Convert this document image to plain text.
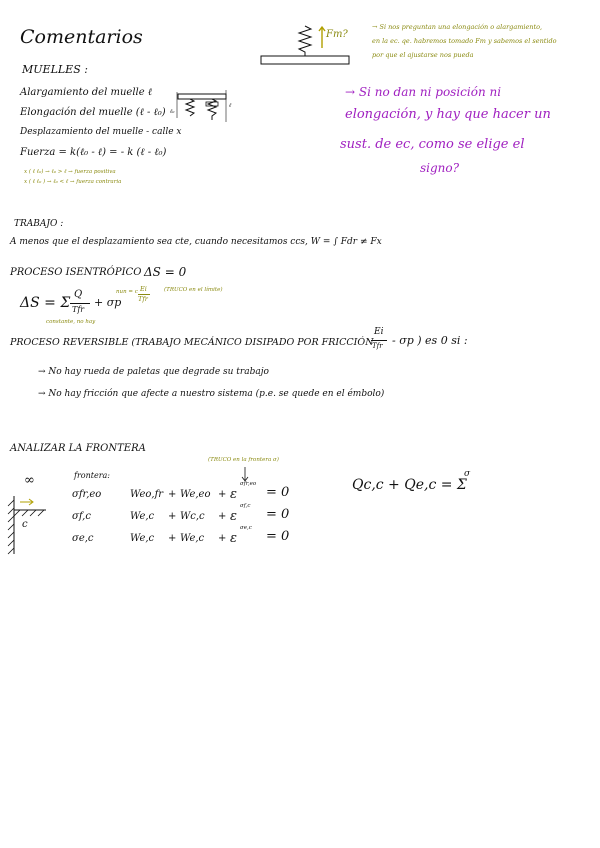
Comentarios	Fm?
→ Si nos preguntan una elongación o alargamiento,
en la ec. qe. habremos tomado Fm y sabemos el sentido
por que el ajustarse nos pueda
MUELLES :
Alargamiento del muelle ℓ
Elongación del muelle (ℓ - ℓ₀)
Desplazamiento del muelle - calle x
Fuerza = k(ℓ₀ - ℓ) = - k (ℓ - ℓ₀)
x ( ℓ ℓ₀) → ℓ₀ > ℓ → fuerza positiva
x ( ℓ ℓ₀ ) → ℓ₀ < ℓ → fuerza contraria
ℓ₀
ℓ
→ Si no dan ni posición ni
elongación, y hay que hacer un
sust. de ec, como se elige el
signo?
TRABAJO :
A menos que el desplazamiento sea cte, cuando necesitamos ccs, W = ∫ Fdr ≠ Fx
PROCESO ISENTRÓPICO ΔS = 0
ΔS = Σ
Q
Tfr
+ σp
nun = c Ei
Tfr
(TRUCO en el límite)
constante, no hay
PROCESO REVERSIBLE (TRABAJO MECÁNICO DISIPADO POR FRICCIÓN
Ei
Tfr - σp ) es 0 si :
→ No hay rueda de paletas que degrade su trabajo
→ No hay fricción que afecte a nuestro sistema (p.e. se quede en el émbolo)
ANALIZAR LA FRONTERA
(TRUCO en la frontera σ)
∞
c
frontera:
σfr,eo	Weo,fr + We,eo + ε
σfr,eo
= 0
σf,c	We,c + Wc,c + ε
σf,c
= 0
σe,c	We,c + We,c + ε
σe,c
= 0
Qc,c + Qe,c = Σ
σ
